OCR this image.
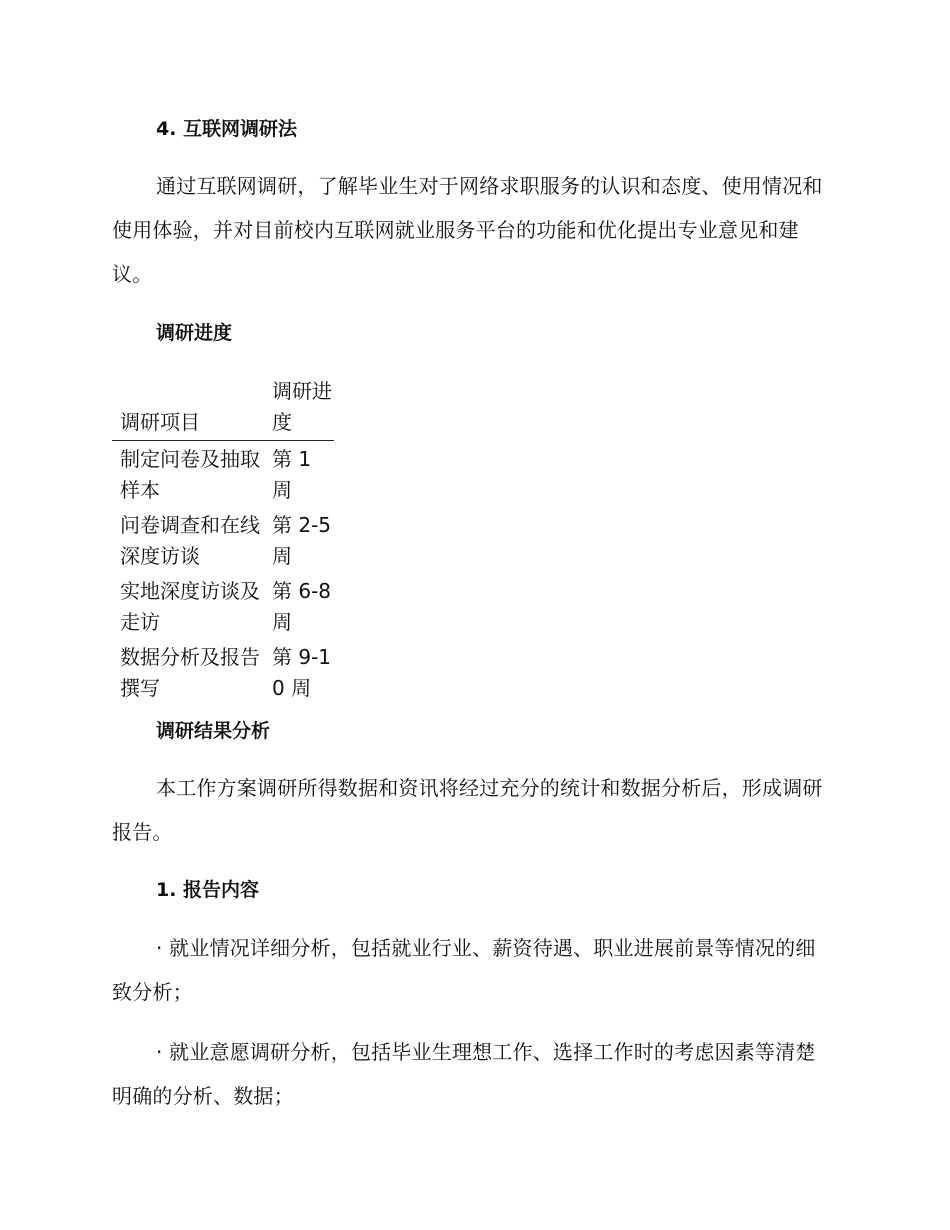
4. 互联网调研法
通过互联网调研，了解毕业生对于网络求职服务的认识和态度、使用情况和使用体验，并对目前校内互联网就业服务平台的功能和优化提出专业意见和建议。
调研进度
调研项目	调研进度

制定问卷及抽取样本	第 1 周

问卷调查和在线深度访谈	第 2-5 周

实地深度访谈及走访	第 6-8 周

数据分析及报告撰写	第 9-10 周
调研结果分析
本工作方案调研所得数据和资讯将经过充分的统计和数据分析后，形成调研报告。
1. 报告内容
· 就业情况详细分析，包括就业行业、薪资待遇、职业进展前景等情况的细致分析；
· 就业意愿调研分析，包括毕业生理想工作、选择工作时的考虑因素等清楚明确的分析、数据；
